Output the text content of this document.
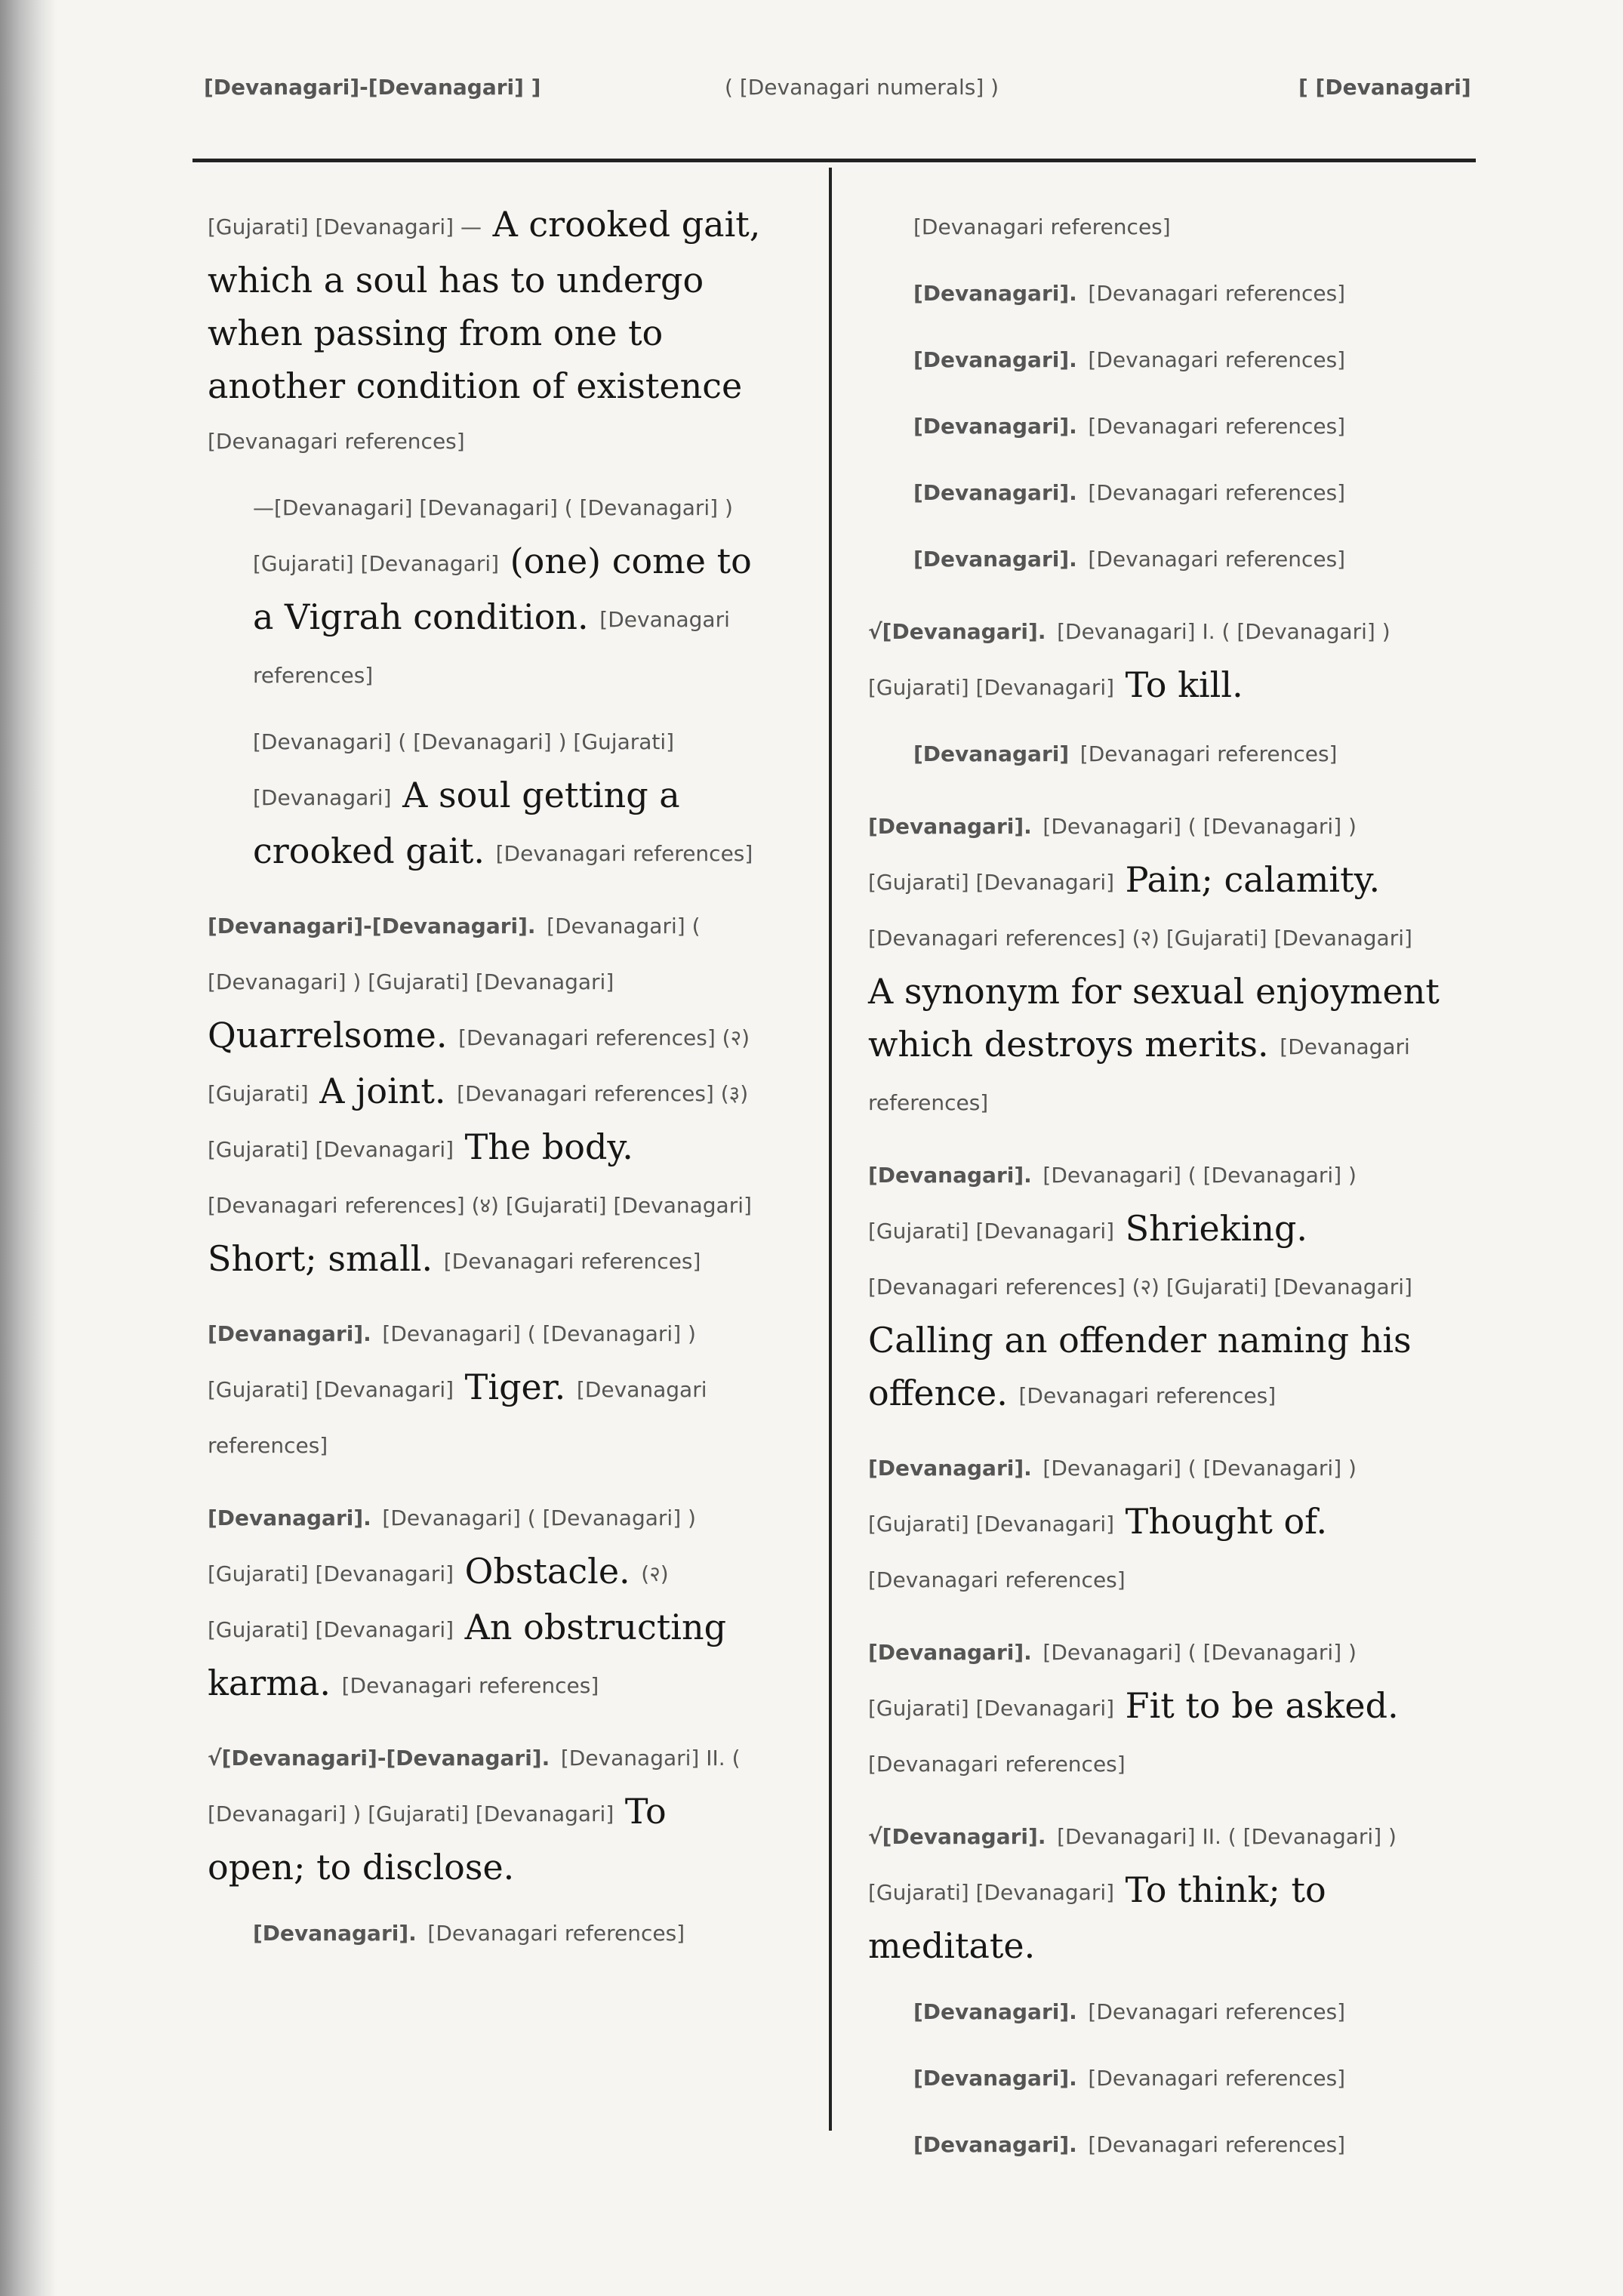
[Devanagari]-[Devanagari] ]	( [Devanagari numerals] )	[ [Devanagari]

[Gujarati] [Devanagari] — A crooked gait, which a soul has to undergo when passing from one to another condition of existence [Devanagari references]

—[Devanagari] [Devanagari] ( [Devanagari] ) [Gujarati] [Devanagari] (one) come to a Vigrah condition. [Devanagari references]

[Devanagari] ( [Devanagari] ) [Gujarati] [Devanagari] A soul getting a crooked gait. [Devanagari references]

[Devanagari]-[Devanagari]. [Devanagari] ( [Devanagari] ) [Gujarati] [Devanagari] Quarrelsome. [Devanagari references] (२) [Gujarati] A joint. [Devanagari references] (३) [Gujarati] [Devanagari] The body. [Devanagari references] (४) [Gujarati] [Devanagari] Short; small. [Devanagari references]

[Devanagari]. [Devanagari] ( [Devanagari] ) [Gujarati] [Devanagari] Tiger. [Devanagari references]

[Devanagari]. [Devanagari] ( [Devanagari] ) [Gujarati] [Devanagari] Obstacle. (२) [Gujarati] [Devanagari] An obstructing karma. [Devanagari references]

√[Devanagari]-[Devanagari]. [Devanagari] II. ( [Devanagari] ) [Gujarati] [Devanagari] To open; to disclose.

[Devanagari]. [Devanagari references]

[Devanagari references]

[Devanagari]. [Devanagari references]

[Devanagari]. [Devanagari references]

[Devanagari]. [Devanagari references]

[Devanagari]. [Devanagari references]

[Devanagari]. [Devanagari references]

√[Devanagari]. [Devanagari] I. ( [Devanagari] ) [Gujarati] [Devanagari] To kill.

[Devanagari] [Devanagari references]

[Devanagari]. [Devanagari] ( [Devanagari] ) [Gujarati] [Devanagari] Pain; calamity. [Devanagari references] (२) [Gujarati] [Devanagari] A synonym for sexual enjoyment which destroys merits. [Devanagari references]

[Devanagari]. [Devanagari] ( [Devanagari] ) [Gujarati] [Devanagari] Shrieking. [Devanagari references] (२) [Gujarati] [Devanagari] Calling an offender naming his offence. [Devanagari references]

[Devanagari]. [Devanagari] ( [Devanagari] ) [Gujarati] [Devanagari] Thought of. [Devanagari references]

[Devanagari]. [Devanagari] ( [Devanagari] ) [Gujarati] [Devanagari] Fit to be asked. [Devanagari references]

√[Devanagari]. [Devanagari] II. ( [Devanagari] ) [Gujarati] [Devanagari] To think; to meditate.

[Devanagari]. [Devanagari references]

[Devanagari]. [Devanagari references]

[Devanagari]. [Devanagari references]
